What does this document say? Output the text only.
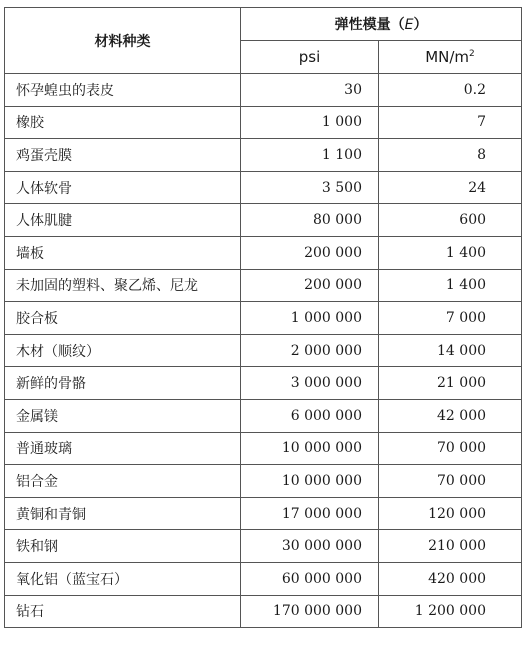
材料种类	弹性模量（E）	
	psi	$MN/m^2$
怀孕蝗虫的表皮	30	0.2
橡胶	1 000	7
鸡蛋壳膜	1 100	8
人体软骨	3 500	24
人体肌腱	80 000	600
墙板	200 000	1 400
未加固的塑料、聚乙烯、尼龙	200 000	1 400
胶合板	1 000 000	7 000
木材（顺纹）	2 000 000	14 000
新鲜的骨骼	3 000 000	21 000
金属镁	6 000 000	42 000
普通玻璃	10 000 000	70 000
铝合金	10 000 000	70 000
黄铜和青铜	17 000 000	120 000
铁和钢	30 000 000	210 000
氧化铝（蓝宝石）	60 000 000	420 000
钻石	170 000 000	1 200 000
